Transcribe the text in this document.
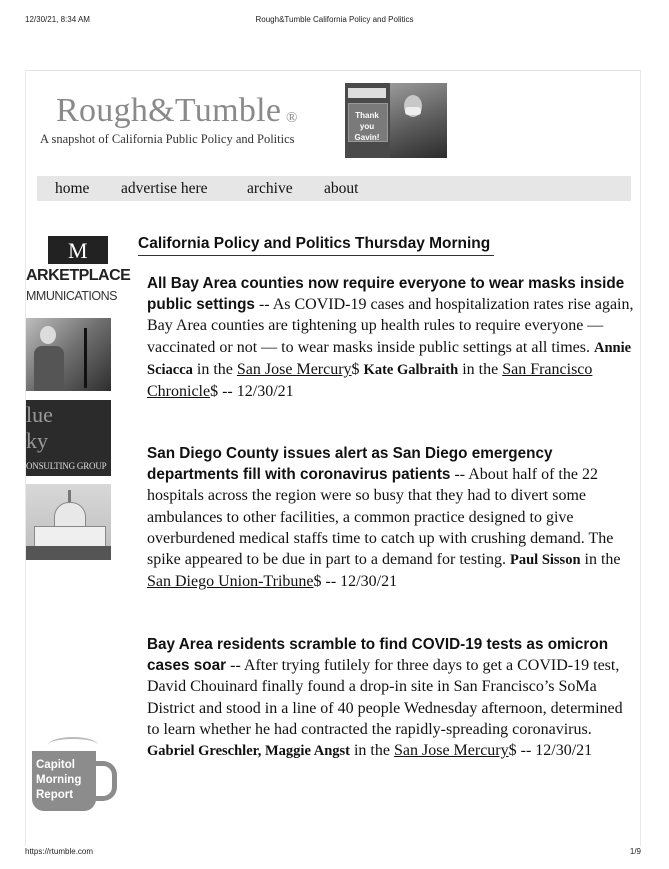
12/30/21, 8:34 AM	Rough&Tumble California Policy and Politics
Rough&Tumble ®
A snapshot of California Public Policy and Politics
Thank
you
Gavin!
home advertise here	archive about
M
ARKETPLACE
MMUNICATIONS
lue
ky
ONSULTING GROUP
Capitol
Morning
Report
California Policy and Politics Thursday Morning
All Bay Area counties now require everyone to wear masks inside public settings -- As COVID-19 cases and hospitalization rates rise again, Bay Area counties are tightening up health rules to require everyone — vaccinated or not — to wear masks inside public settings at all times. Annie Sciacca in the San Jose Mercury$ Kate Galbraith in the San Francisco Chronicle$ -- 12/30/21
San Diego County issues alert as San Diego emergency departments fill with coronavirus patients -- About half of the 22 hospitals across the region were so busy that they had to divert some ambulances to other facilities, a common practice designed to give overburdened medical staffs time to catch up with crushing demand. The spike appeared to be due in part to a demand for testing. Paul Sisson in the San Diego Union-Tribune$ -- 12/30/21
Bay Area residents scramble to find COVID-19 tests as omicron cases soar -- After trying futilely for three days to get a COVID-19 test, David Chouinard finally found a drop-in site in San Francisco’s SoMa District and stood in a line of 40 people Wednesday afternoon, determined to learn whether he had contracted the rapidly-spreading coronavirus. Gabriel Greschler, Maggie Angst in the San Jose Mercury$ -- 12/30/21
https://rtumble.com	1/9
